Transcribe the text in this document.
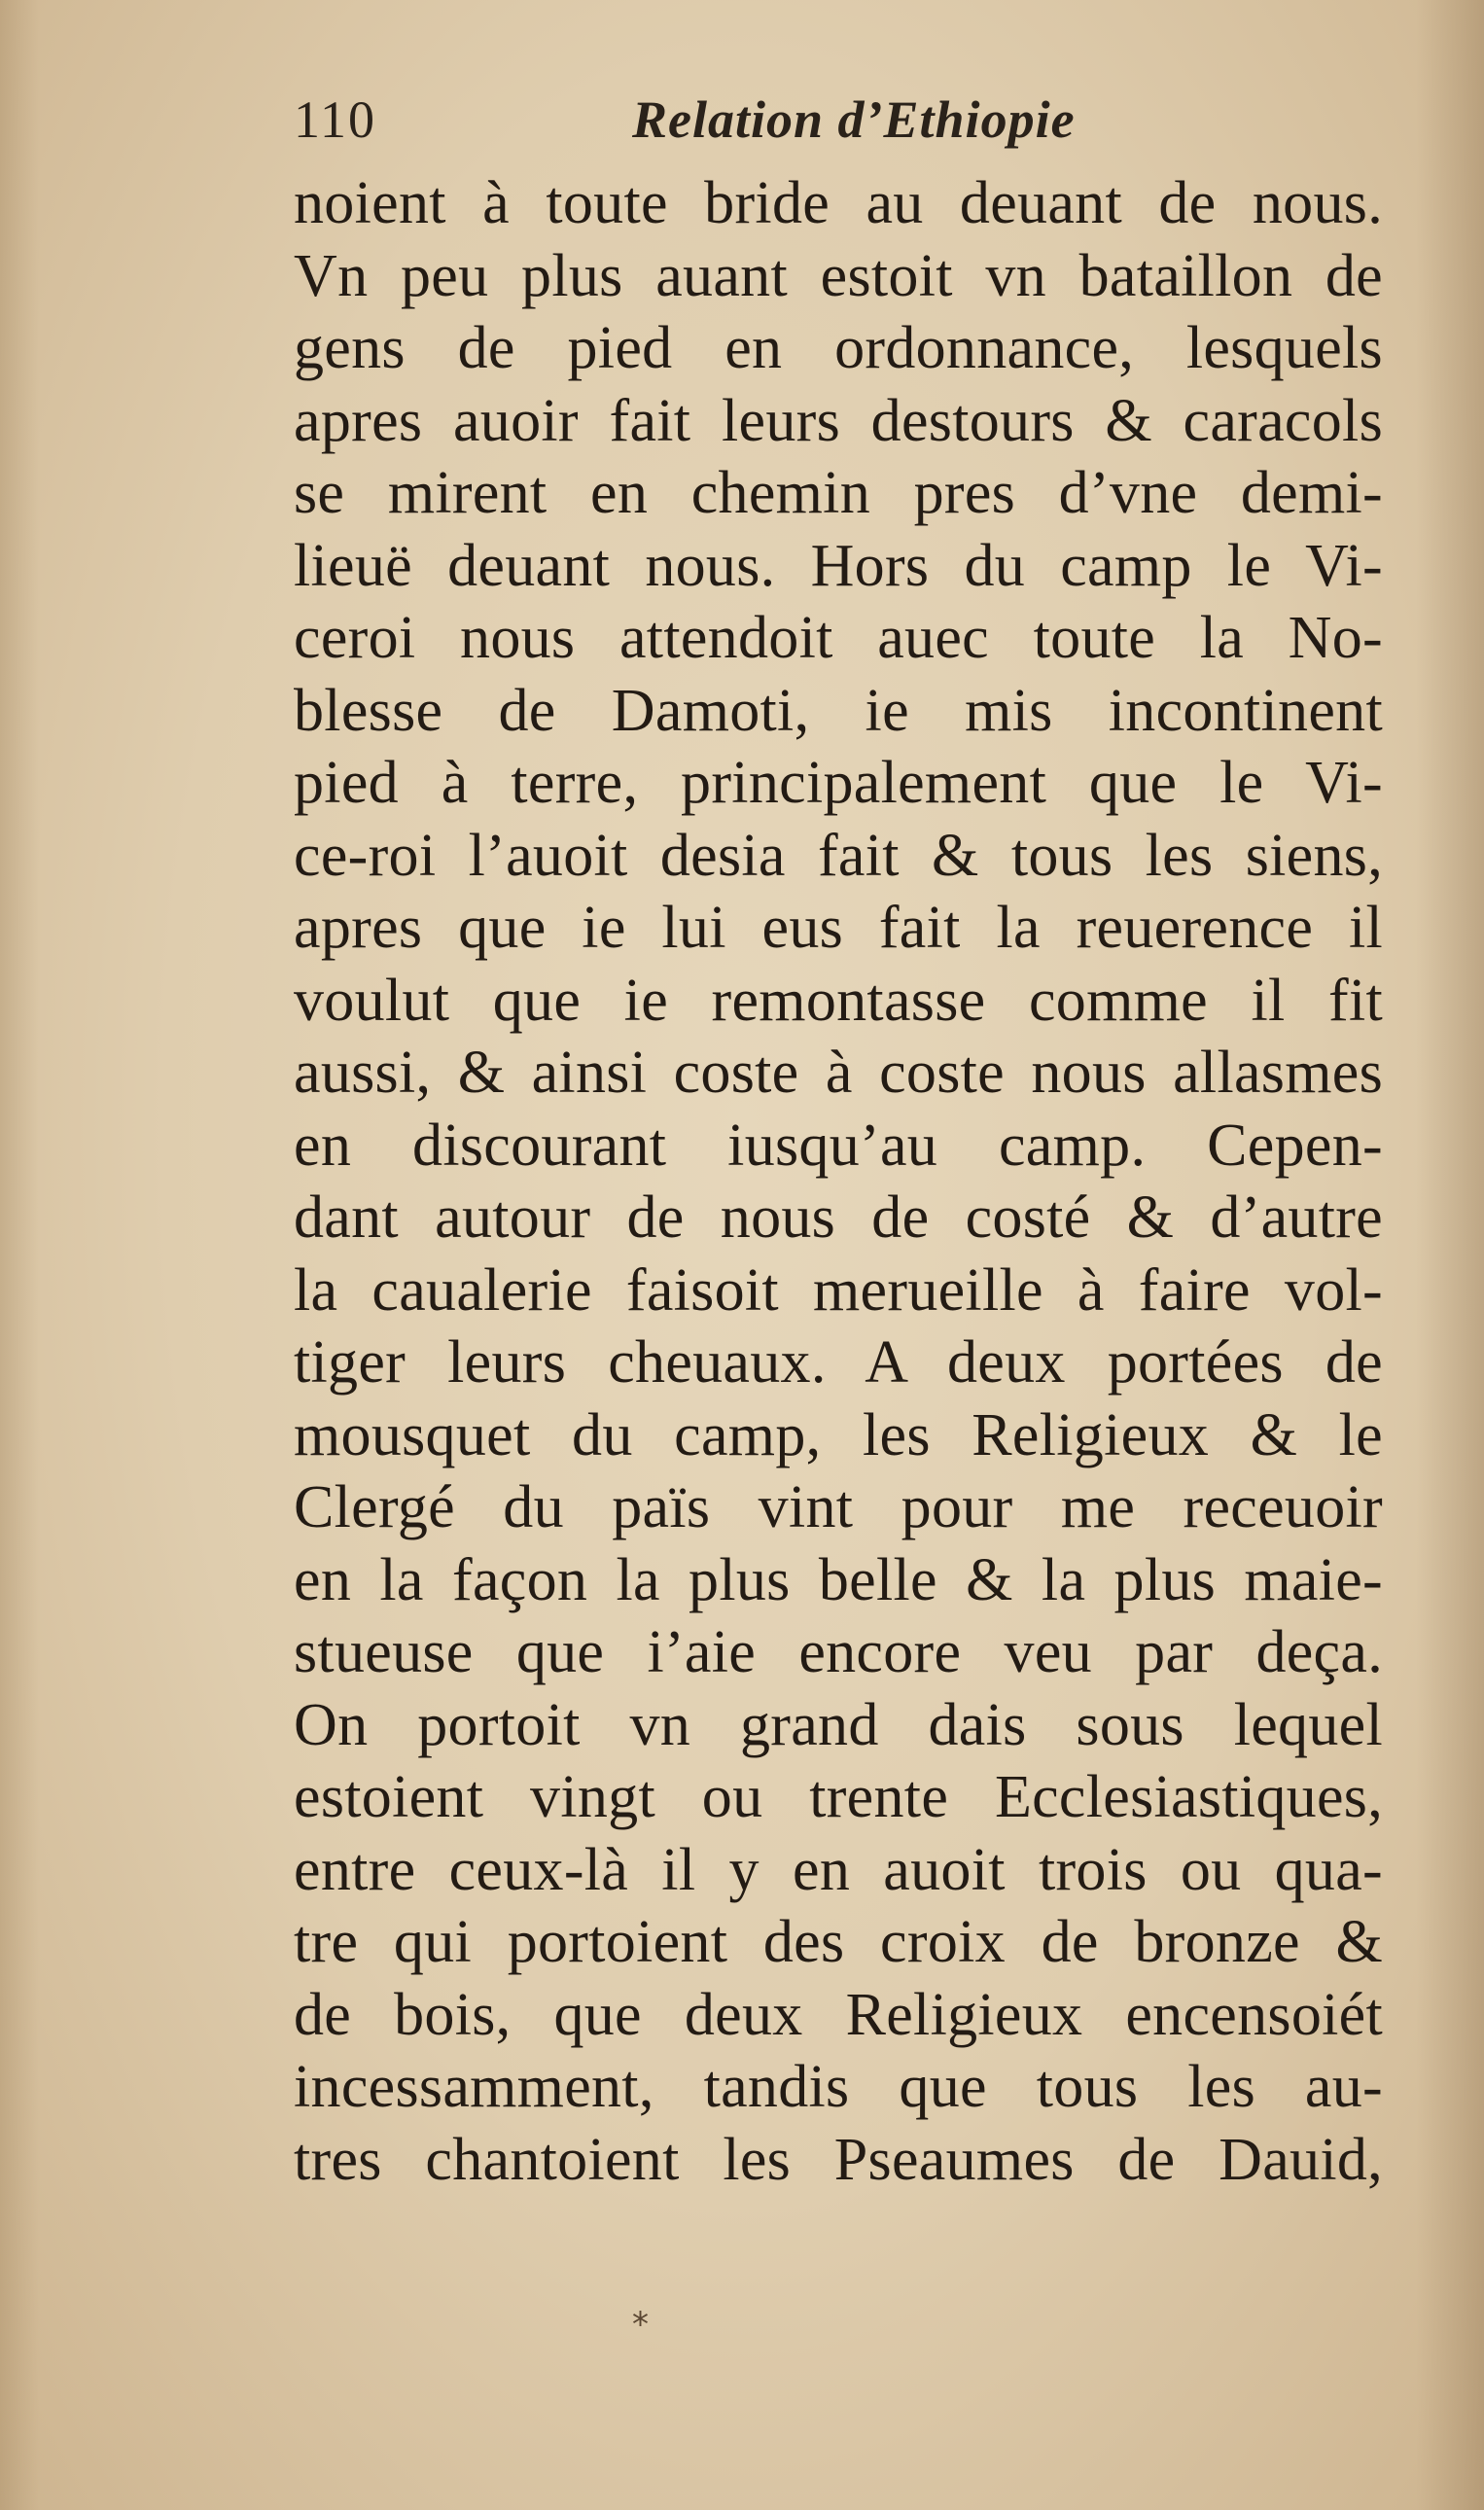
110	Relation d’Ethiopie
noient à toute bride au deuant de nous.
Vn peu plus auant estoit vn bataillon de
gens de pied en ordonnance, lesquels
apres auoir fait leurs destours & caracols
se mirent en chemin pres d’vne demi-
lieuë deuant nous. Hors du camp le Vi-
ceroi nous attendoit auec toute la No-
blesse de Damoti, ie mis incontinent
pied à terre, principalement que le Vi-
ce-roi l’auoit desia fait & tous les siens,
apres que ie lui eus fait la reuerence il
voulut que ie remontasse comme il fit
aussi, & ainsi coste à coste nous allasmes
en discourant iusqu’au camp. Cepen-
dant autour de nous de costé & d’autre
la caualerie faisoit merueille à faire vol-
tiger leurs cheuaux. A deux portées de
mousquet du camp, les Religieux & le
Clergé du païs vint pour me receuoir
en la façon la plus belle & la plus maie-
stueuse que i’aie encore veu par deça.
On portoit vn grand dais sous lequel
estoient vingt ou trente Ecclesiastiques,
entre ceux-là il y en auoit trois ou qua-
tre qui portoient des croix de bronze &
de bois, que deux Religieux encensoiét
incessamment, tandis que tous les au-
tres chantoient les Pseaumes de Dauid,
⁎
